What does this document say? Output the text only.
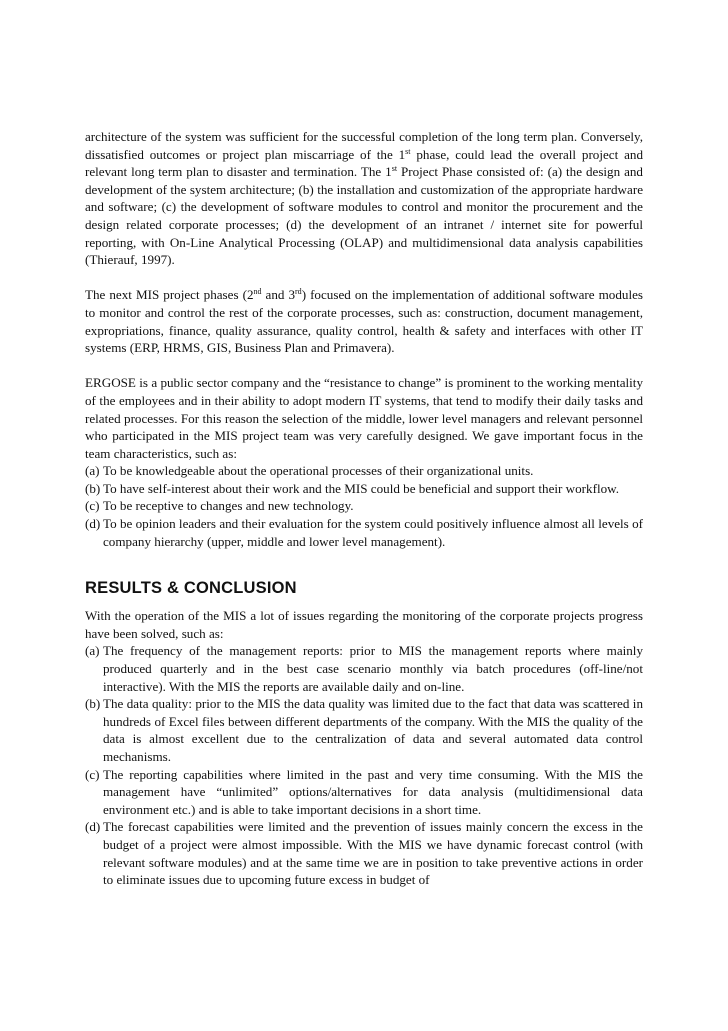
architecture of the system was sufficient for the successful completion of the long term plan. Conversely, dissatisfied outcomes or project plan miscarriage of the 1st phase, could lead the overall project and relevant long term plan to disaster and termination. The 1st Project Phase consisted of: (a) the design and development of the system architecture; (b) the installation and customization of the appropriate hardware and software; (c) the development of software modules to control and monitor the procurement and the design related corporate processes; (d) the development of an intranet / internet site for powerful reporting, with On-Line Analytical Processing (OLAP) and multidimensional data analysis capabilities (Thierauf, 1997).

The next MIS project phases (2nd and 3rd) focused on the implementation of additional software modules to monitor and control the rest of the corporate processes, such as: construction, document management, expropriations, finance, quality assurance, quality control, health & safety and interfaces with other IT systems (ERP, HRMS, GIS, Business Plan and Primavera).

ERGOSE is a public sector company and the “resistance to change” is prominent to the working mentality of the employees and in their ability to adopt modern IT systems, that tend to modify their daily tasks and related processes. For this reason the selection of the middle, lower level managers and relevant personnel who participated in the MIS project team was very carefully designed. We gave important focus in the team characteristics, such as:

(a) To be knowledgeable about the operational processes of their organizational units.
(b) To have self-interest about their work and the MIS could be beneficial and support their workflow.
(c) To be receptive to changes and new technology.
(d) To be opinion leaders and their evaluation for the system could positively influence almost all levels of company hierarchy (upper, middle and lower level management).
RESULTS & CONCLUSION

With the operation of the MIS a lot of issues regarding the monitoring of the corporate projects progress have been solved, such as:

(a) The frequency of the management reports: prior to MIS the management reports where mainly produced quarterly and in the best case scenario monthly via batch procedures (off-line/not interactive). With the MIS the reports are available daily and on-line.
(b) The data quality: prior to the MIS the data quality was limited due to the fact that data was scattered in hundreds of Excel files between different departments of the company. With the MIS the quality of the data is almost excellent due to the centralization of data and several automated data control mechanisms.
(c) The reporting capabilities where limited in the past and very time consuming. With the MIS the management have “unlimited” options/alternatives for data analysis (multidimensional data environment etc.) and is able to take important decisions in a short time.
(d) The forecast capabilities were limited and the prevention of issues mainly concern the excess in the budget of a project were almost impossible. With the MIS we have dynamic forecast control (with relevant software modules) and at the same time we are in position to take preventive actions in order to eliminate issues due to upcoming future excess in budget of
